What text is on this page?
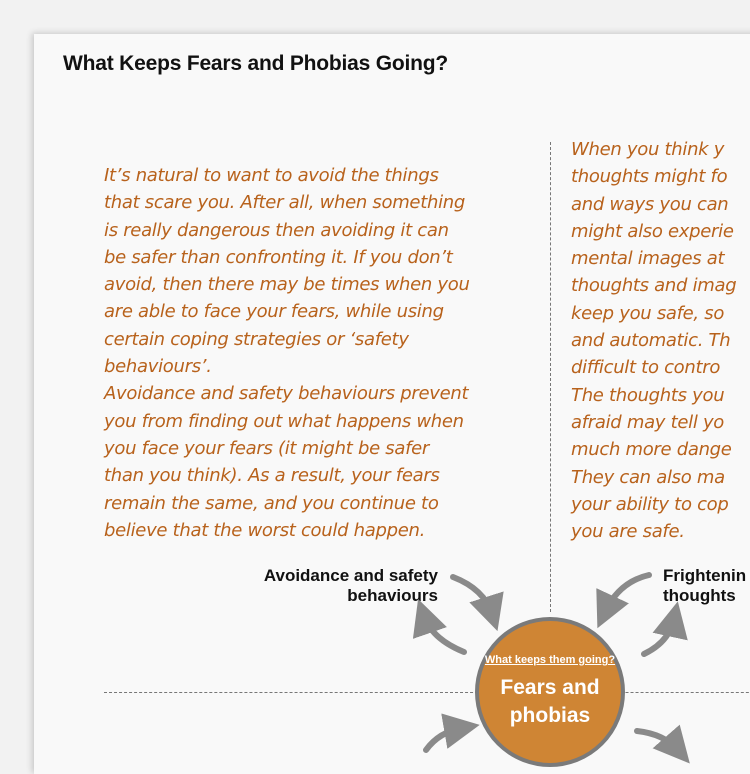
What Keeps Fears and Phobias Going?

It’s natural to want to avoid the things
that scare you. After all, when something
is really dangerous then avoiding it can
be safer than confronting it. If you don’t
avoid, then there may be times when you
are able to face your fears, while using
certain coping strategies or ‘safety
behaviours’.

Avoidance and safety behaviours prevent
you from finding out what happens when
you face your fears (it might be safer
than you think). As a result, your fears
remain the same, and you continue to
believe that the worst could happen.

When you think y
thoughts might fo
and ways you can
might also experie
mental images at
thoughts and imag
keep you safe, so
and automatic. Th
difficult to contro
The thoughts you
afraid may tell yo
much more dange
They can also ma
your ability to cop
you are safe.

Avoidance and safety
behaviours
Frightenin
thoughts
What keeps them going?
Fears and
phobias
